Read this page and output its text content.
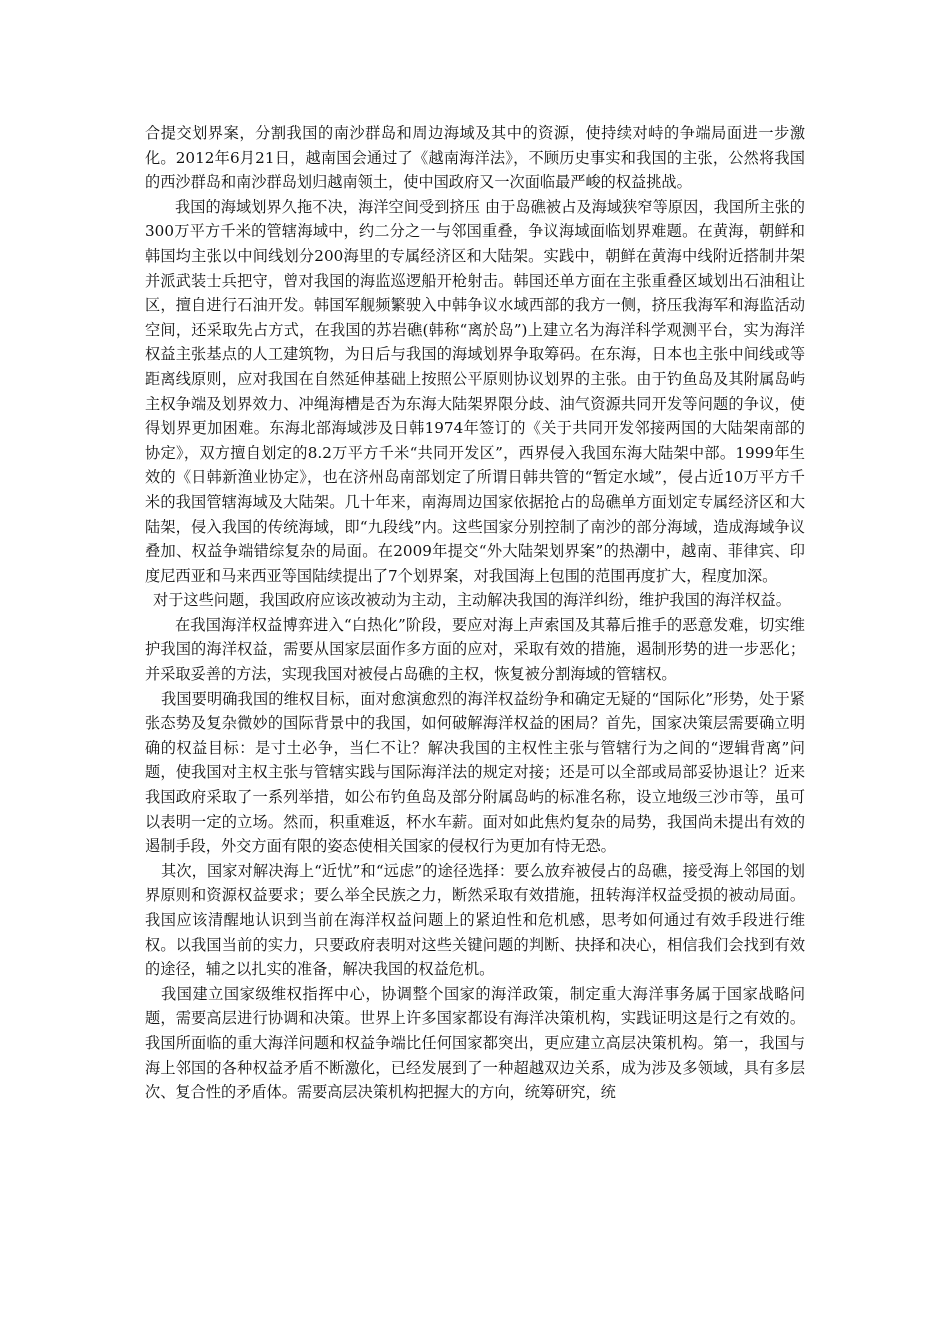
合提交划界案，分割我国的南沙群岛和周边海域及其中的资源，使持续对峙的争端局面进一步激化。2012年6月21日，越南国会通过了《越南海洋法》，不顾历史事实和我国的主张，公然将我国的西沙群岛和南沙群岛划归越南领土，使中国政府又一次面临最严峻的权益挑战。

我国的海域划界久拖不决，海洋空间受到挤压 由于岛礁被占及海域狭窄等原因，我国所主张的300万平方千米的管辖海域中，约二分之一与邻国重叠，争议海域面临划界难题。在黄海，朝鲜和韩国均主张以中间线划分200海里的专属经济区和大陆架。实践中，朝鲜在黄海中线附近搭制井架并派武装士兵把守，曾对我国的海监巡逻船开枪射击。韩国还单方面在主张重叠区域划出石油租让区，擅自进行石油开发。韩国军舰频繁驶入中韩争议水域西部的我方一侧，挤压我海军和海监活动空间，还采取先占方式，在我国的苏岩礁(韩称“离於岛”)上建立名为海洋科学观测平台，实为海洋权益主张基点的人工建筑物，为日后与我国的海域划界争取筹码。在东海，日本也主张中间线或等距离线原则，应对我国在自然延伸基础上按照公平原则协议划界的主张。由于钓鱼岛及其附属岛屿主权争端及划界效力、冲绳海槽是否为东海大陆架界限分歧、油气资源共同开发等问题的争议，使得划界更加困难。东海北部海域涉及日韩1974年签订的《关于共同开发邻接两国的大陆架南部的协定》，双方擅自划定的8.2万平方千米“共同开发区”，西界侵入我国东海大陆架中部。1999年生效的《日韩新渔业协定》，也在济州岛南部划定了所谓日韩共管的“暂定水域”，侵占近10万平方千米的我国管辖海域及大陆架。几十年来，南海周边国家依据抢占的岛礁单方面划定专属经济区和大陆架，侵入我国的传统海域，即“九段线”内。这些国家分别控制了南沙的部分海域，造成海域争议叠加、权益争端错综复杂的局面。在2009年提交“外大陆架划界案”的热潮中，越南、菲律宾、印度尼西亚和马来西亚等国陆续提出了7个划界案，对我国海上包围的范围再度扩大，程度加深。

对于这些问题，我国政府应该改被动为主动，主动解决我国的海洋纠纷，维护我国的海洋权益。

在我国海洋权益博弈进入“白热化”阶段，要应对海上声索国及其幕后推手的恶意发难，切实维护我国的海洋权益，需要从国家层面作多方面的应对，采取有效的措施，遏制形势的进一步恶化；并采取妥善的方法，实现我国对被侵占岛礁的主权，恢复被分割海域的管辖权。

我国要明确我国的维权目标，面对愈演愈烈的海洋权益纷争和确定无疑的“国际化”形势，处于紧张态势及复杂微妙的国际背景中的我国，如何破解海洋权益的困局？首先，国家决策层需要确立明确的权益目标：是寸土必争，当仁不让？解决我国的主权性主张与管辖行为之间的“逻辑背离”问题，使我国对主权主张与管辖实践与国际海洋法的规定对接；还是可以全部或局部妥协退让？近来我国政府采取了一系列举措，如公布钓鱼岛及部分附属岛屿的标准名称，设立地级三沙市等，虽可以表明一定的立场。然而，积重难返，杯水车薪。面对如此焦灼复杂的局势，我国尚未提出有效的遏制手段，外交方面有限的姿态使相关国家的侵权行为更加有恃无恐。

其次，国家对解决海上“近忧”和“远虑”的途径选择：要么放弃被侵占的岛礁，接受海上邻国的划界原则和资源权益要求；要么举全民族之力，断然采取有效措施，扭转海洋权益受损的被动局面。我国应该清醒地认识到当前在海洋权益问题上的紧迫性和危机感，思考如何通过有效手段进行维权。以我国当前的实力，只要政府表明对这些关键问题的判断、抉择和决心，相信我们会找到有效的途径，辅之以扎实的准备，解决我国的权益危机。

我国建立国家级维权指挥中心，协调整个国家的海洋政策，制定重大海洋事务属于国家战略问题，需要高层进行协调和决策。世界上许多国家都设有海洋决策机构，实践证明这是行之有效的。我国所面临的重大海洋问题和权益争端比任何国家都突出，更应建立高层决策机构。第一，我国与海上邻国的各种权益矛盾不断激化，已经发展到了一种超越双边关系，成为涉及多领域，具有多层次、复合性的矛盾体。需要高层决策机构把握大的方向，统筹研究，统
